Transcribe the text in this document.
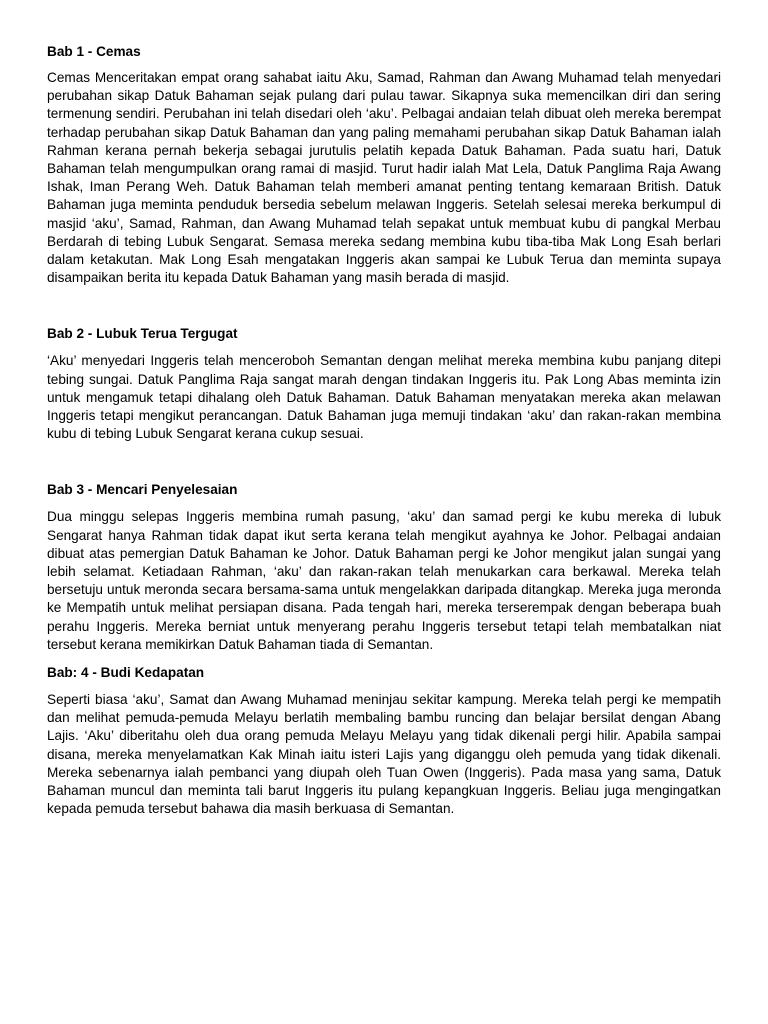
Bab 1 - Cemas

Cemas Menceritakan empat orang sahabat iaitu Aku, Samad, Rahman dan Awang Muhamad telah menyedari perubahan sikap Datuk Bahaman sejak pulang dari pulau tawar. Sikapnya suka memencilkan diri dan sering termenung sendiri. Perubahan ini telah disedari oleh ‘aku’. Pelbagai andaian telah dibuat oleh mereka berempat terhadap perubahan sikap Datuk Bahaman dan yang paling memahami perubahan sikap Datuk Bahaman ialah Rahman kerana pernah bekerja sebagai jurutulis pelatih kepada Datuk Bahaman. Pada suatu hari, Datuk Bahaman telah mengumpulkan orang ramai di masjid. Turut hadir ialah Mat Lela, Datuk Panglima Raja Awang Ishak, Iman Perang Weh. Datuk Bahaman telah memberi amanat penting tentang kemaraan British. Datuk Bahaman juga meminta penduduk bersedia sebelum melawan Inggeris. Setelah selesai mereka berkumpul di masjid ‘aku’, Samad, Rahman, dan Awang Muhamad telah sepakat untuk membuat kubu di pangkal Merbau Berdarah di tebing Lubuk Sengarat. Semasa mereka sedang membina kubu tiba-tiba Mak Long Esah berlari dalam ketakutan. Mak Long Esah mengatakan Inggeris akan sampai ke Lubuk Terua dan meminta supaya disampaikan berita itu kepada Datuk Bahaman yang masih berada di masjid.

Bab 2 - Lubuk Terua Tergugat

‘Aku’ menyedari Inggeris telah menceroboh Semantan dengan melihat mereka membina kubu panjang ditepi tebing sungai. Datuk Panglima Raja sangat marah dengan tindakan Inggeris itu. Pak Long Abas meminta izin untuk mengamuk tetapi dihalang oleh Datuk Bahaman. Datuk Bahaman menyatakan mereka akan melawan Inggeris tetapi mengikut perancangan. Datuk Bahaman juga memuji tindakan ‘aku’ dan rakan-rakan membina kubu di tebing Lubuk Sengarat kerana cukup sesuai.

Bab 3 - Mencari Penyelesaian

Dua minggu selepas Inggeris membina rumah pasung, ‘aku’ dan samad pergi ke kubu mereka di lubuk Sengarat hanya Rahman tidak dapat ikut serta kerana telah mengikut ayahnya ke Johor. Pelbagai andaian dibuat atas pemergian Datuk Bahaman ke Johor. Datuk Bahaman pergi ke Johor mengikut jalan sungai yang lebih selamat. Ketiadaan Rahman, ‘aku’ dan rakan-rakan telah menukarkan cara berkawal. Mereka telah bersetuju untuk meronda secara bersama-sama untuk mengelakkan daripada ditangkap. Mereka juga meronda ke Mempatih untuk melihat persiapan disana. Pada tengah hari, mereka terserempak dengan beberapa buah perahu Inggeris. Mereka berniat untuk menyerang perahu Inggeris tersebut tetapi telah membatalkan niat tersebut kerana memikirkan Datuk Bahaman tiada di Semantan.

Bab: 4 - Budi Kedapatan

Seperti biasa ‘aku’, Samat dan Awang Muhamad meninjau sekitar kampung. Mereka telah pergi ke mempatih dan melihat pemuda-pemuda Melayu berlatih membaling bambu runcing dan belajar bersilat dengan Abang Lajis. ‘Aku’ diberitahu oleh dua orang pemuda Melayu Melayu yang tidak dikenali pergi hilir. Apabila sampai disana, mereka menyelamatkan Kak Minah iaitu isteri Lajis yang diganggu oleh pemuda yang tidak dikenali. Mereka sebenarnya ialah pembanci yang diupah oleh Tuan Owen (Inggeris). Pada masa yang sama, Datuk Bahaman muncul dan meminta tali barut Inggeris itu pulang kepangkuan Inggeris. Beliau juga mengingatkan kepada pemuda tersebut bahawa dia masih berkuasa di Semantan.
